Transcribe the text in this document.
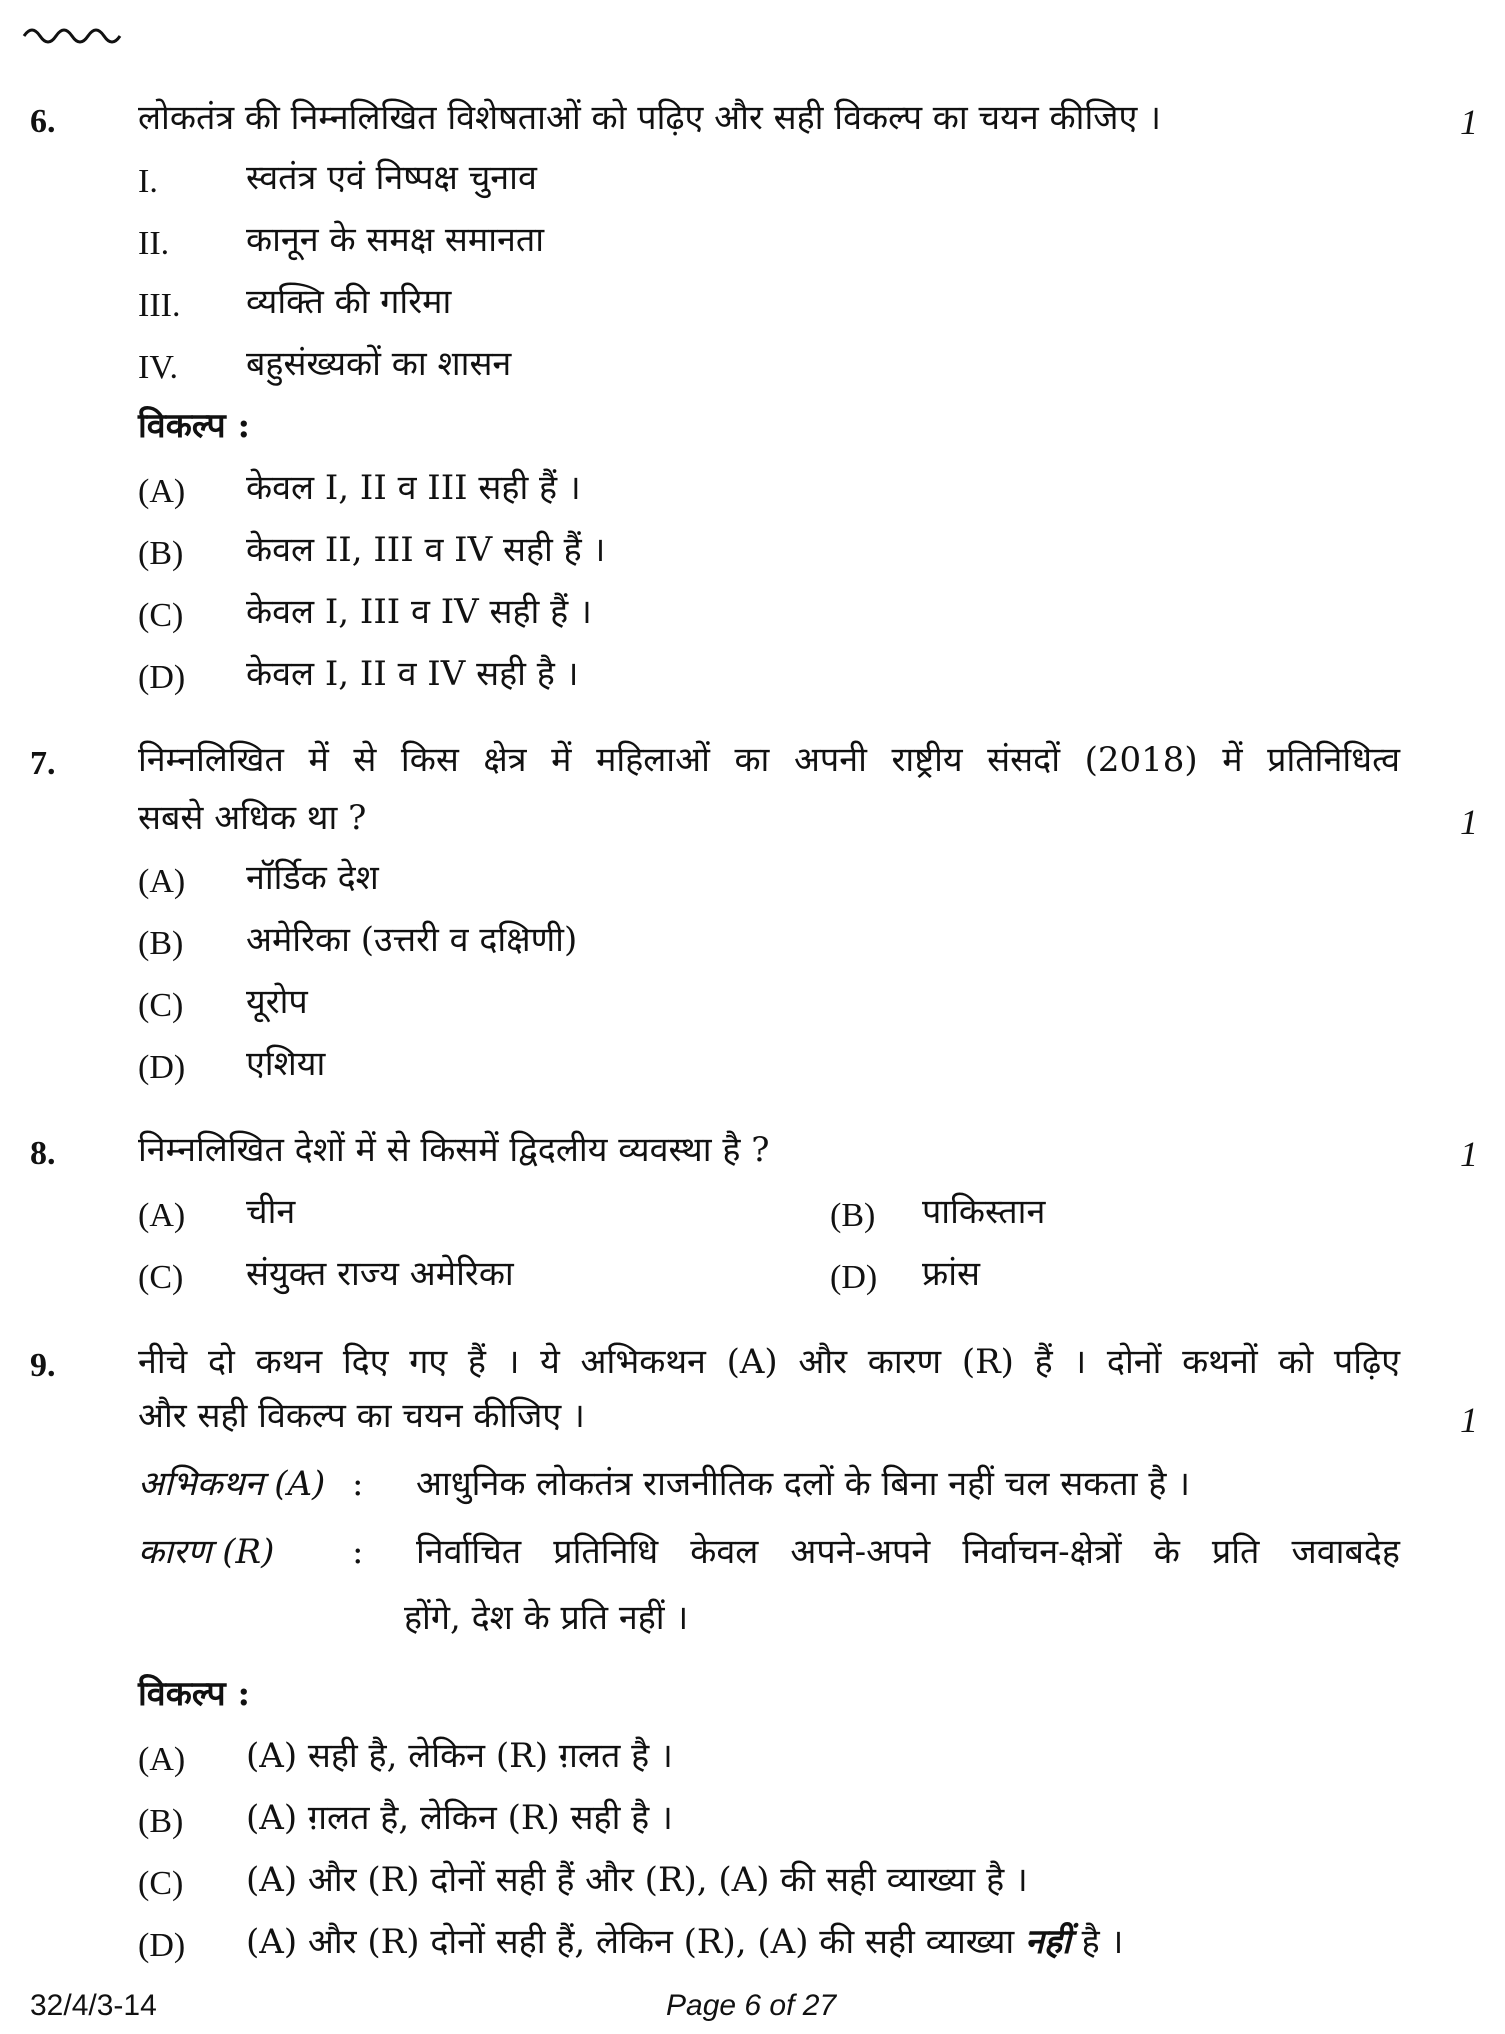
6. लोकतंत्र की निम्नलिखित विशेषताओं को पढ़िए और सही विकल्प का चयन कीजिए ।	1
I.	स्वतंत्र एवं निष्पक्ष चुनाव
II. कानून के समक्ष समानता
III. व्यक्ति की गरिमा
IV. बहुसंख्यकों का शासन
विकल्प :
(A) केवल I, II व III सही हैं ।
(B) केवल II, III व IV सही हैं ।
(C) केवल I, III व IV सही हैं ।
(D) केवल I, II व IV सही है ।
7. निम्नलिखित में से किस क्षेत्र में महिलाओं का अपनी राष्ट्रीय संसदों (2018) में प्रतिनिधित्व
सबसे अधिक था ?	1
(A) नॉर्डिक देश
(B) अमेरिका (उत्तरी व दक्षिणी)
(C) यूरोप
(D) एशिया
8. निम्नलिखित देशों में से किसमें द्विदलीय व्यवस्था है ?	1
(A) चीन	(B) पाकिस्तान
(C) संयुक्त राज्य अमेरिका	(D) फ्रांस
9. नीचे दो कथन दिए गए हैं । ये अभिकथन (A) और कारण (R) हैं । दोनों कथनों को पढ़िए
और सही विकल्प का चयन कीजिए ।	1
अभिकथन (A) : आधुनिक लोकतंत्र राजनीतिक दलों के बिना नहीं चल सकता है ।
कारण (R) : निर्वाचित प्रतिनिधि केवल अपने-अपने निर्वाचन-क्षेत्रों के प्रति जवाबदेह
होंगे, देश के प्रति नहीं ।
विकल्प :
(A) (A) सही है, लेकिन (R) ग़लत है ।
(B) (A) ग़लत है, लेकिन (R) सही है ।
(C) (A) और (R) दोनों सही हैं और (R), (A) की सही व्याख्या है ।
(D) (A) और (R) दोनों सही हैं, लेकिन (R), (A) की सही व्याख्या नहीं है ।
32/4/3-14	Page 6 of 27
